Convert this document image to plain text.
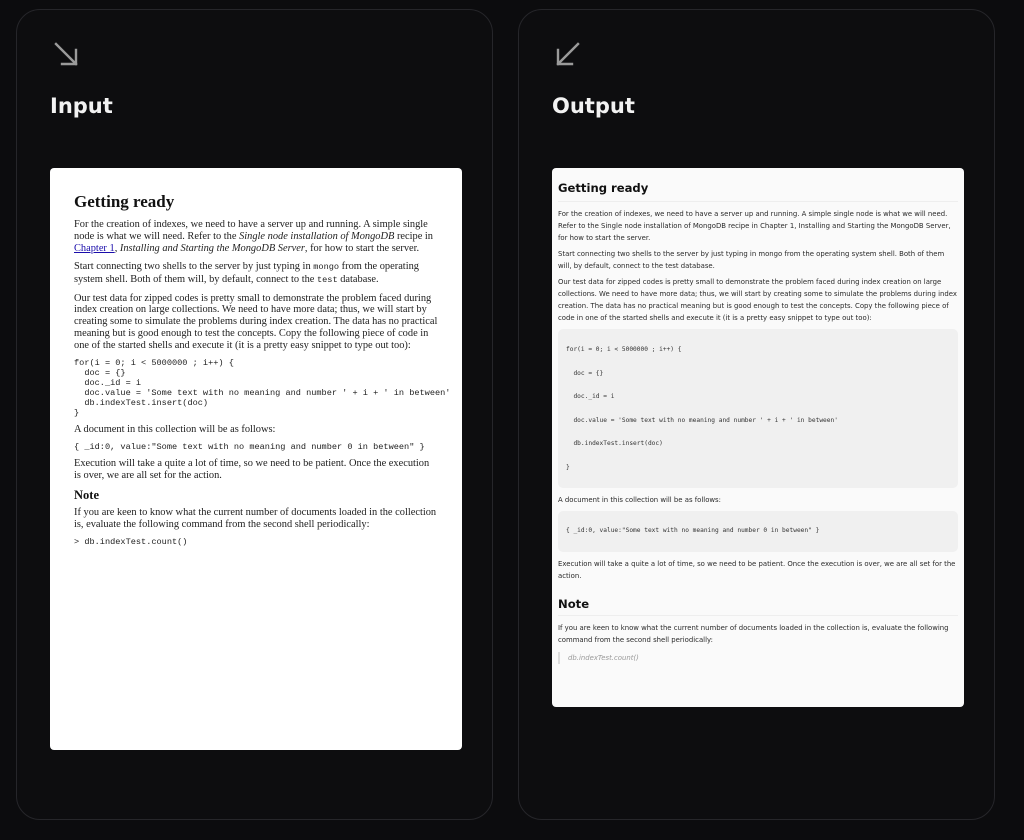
Input
Getting ready

For the creation of indexes, we need to have a server up and running. A simple single node is what we will need. Refer to the Single node installation of MongoDB recipe in Chapter 1, Installing and Starting the MongoDB Server, for how to start the server.

Start connecting two shells to the server by just typing in mongo from the operating system shell. Both of them will, by default, connect to the test database.

Our test data for zipped codes is pretty small to demonstrate the problem faced during index creation on large collections. We need to have more data; thus, we will start by creating some to simulate the problems during index creation. The data has no practical meaning but is good enough to test the concepts. Copy the following piece of code in one of the started shells and execute it (it is a pretty easy snippet to type out too):

for(i = 0; i < 5000000 ; i++) {
doc = {}
doc._id = i
doc.value = 'Some text with no meaning and number ' + i + ' in between'
db.indexTest.insert(doc)
}

A document in this collection will be as follows:

{ _id:0, value:"Some text with no meaning and number 0 in between" }

Execution will take a quite a lot of time, so we need to be patient. Once the execution is over, we are all set for the action.

Note

If you are keen to know what the current number of documents loaded in the collection is, evaluate the following command from the second shell periodically:

> db.indexTest.count()
Output
Getting ready

For the creation of indexes, we need to have a server up and running. A simple single node is what we will need. Refer to the Single node installation of MongoDB recipe in Chapter 1, Installing and Starting the MongoDB Server, for how to start the server.

Start connecting two shells to the server by just typing in mongo from the operating system shell. Both of them will, by default, connect to the test database.

Our test data for zipped codes is pretty small to demonstrate the problem faced during index creation on large collections. We need to have more data; thus, we will start by creating some to simulate the problems during index creation. The data has no practical meaning but is good enough to test the concepts. Copy the following piece of code in one of the started shells and execute it (it is a pretty easy snippet to type out too):

for(i = 0; i < 5000000 ; i++) {
doc = {}
doc._id = i
doc.value = 'Some text with no meaning and number ' + i + ' in between'
db.indexTest.insert(doc)
}

A document in this collection will be as follows:

{ _id:0, value:"Some text with no meaning and number 0 in between" }

Execution will take a quite a lot of time, so we need to be patient. Once the execution is over, we are all set for the action.

Note

If you are keen to know what the current number of documents loaded in the collection is, evaluate the following command from the second shell periodically:

db.indexTest.count()
